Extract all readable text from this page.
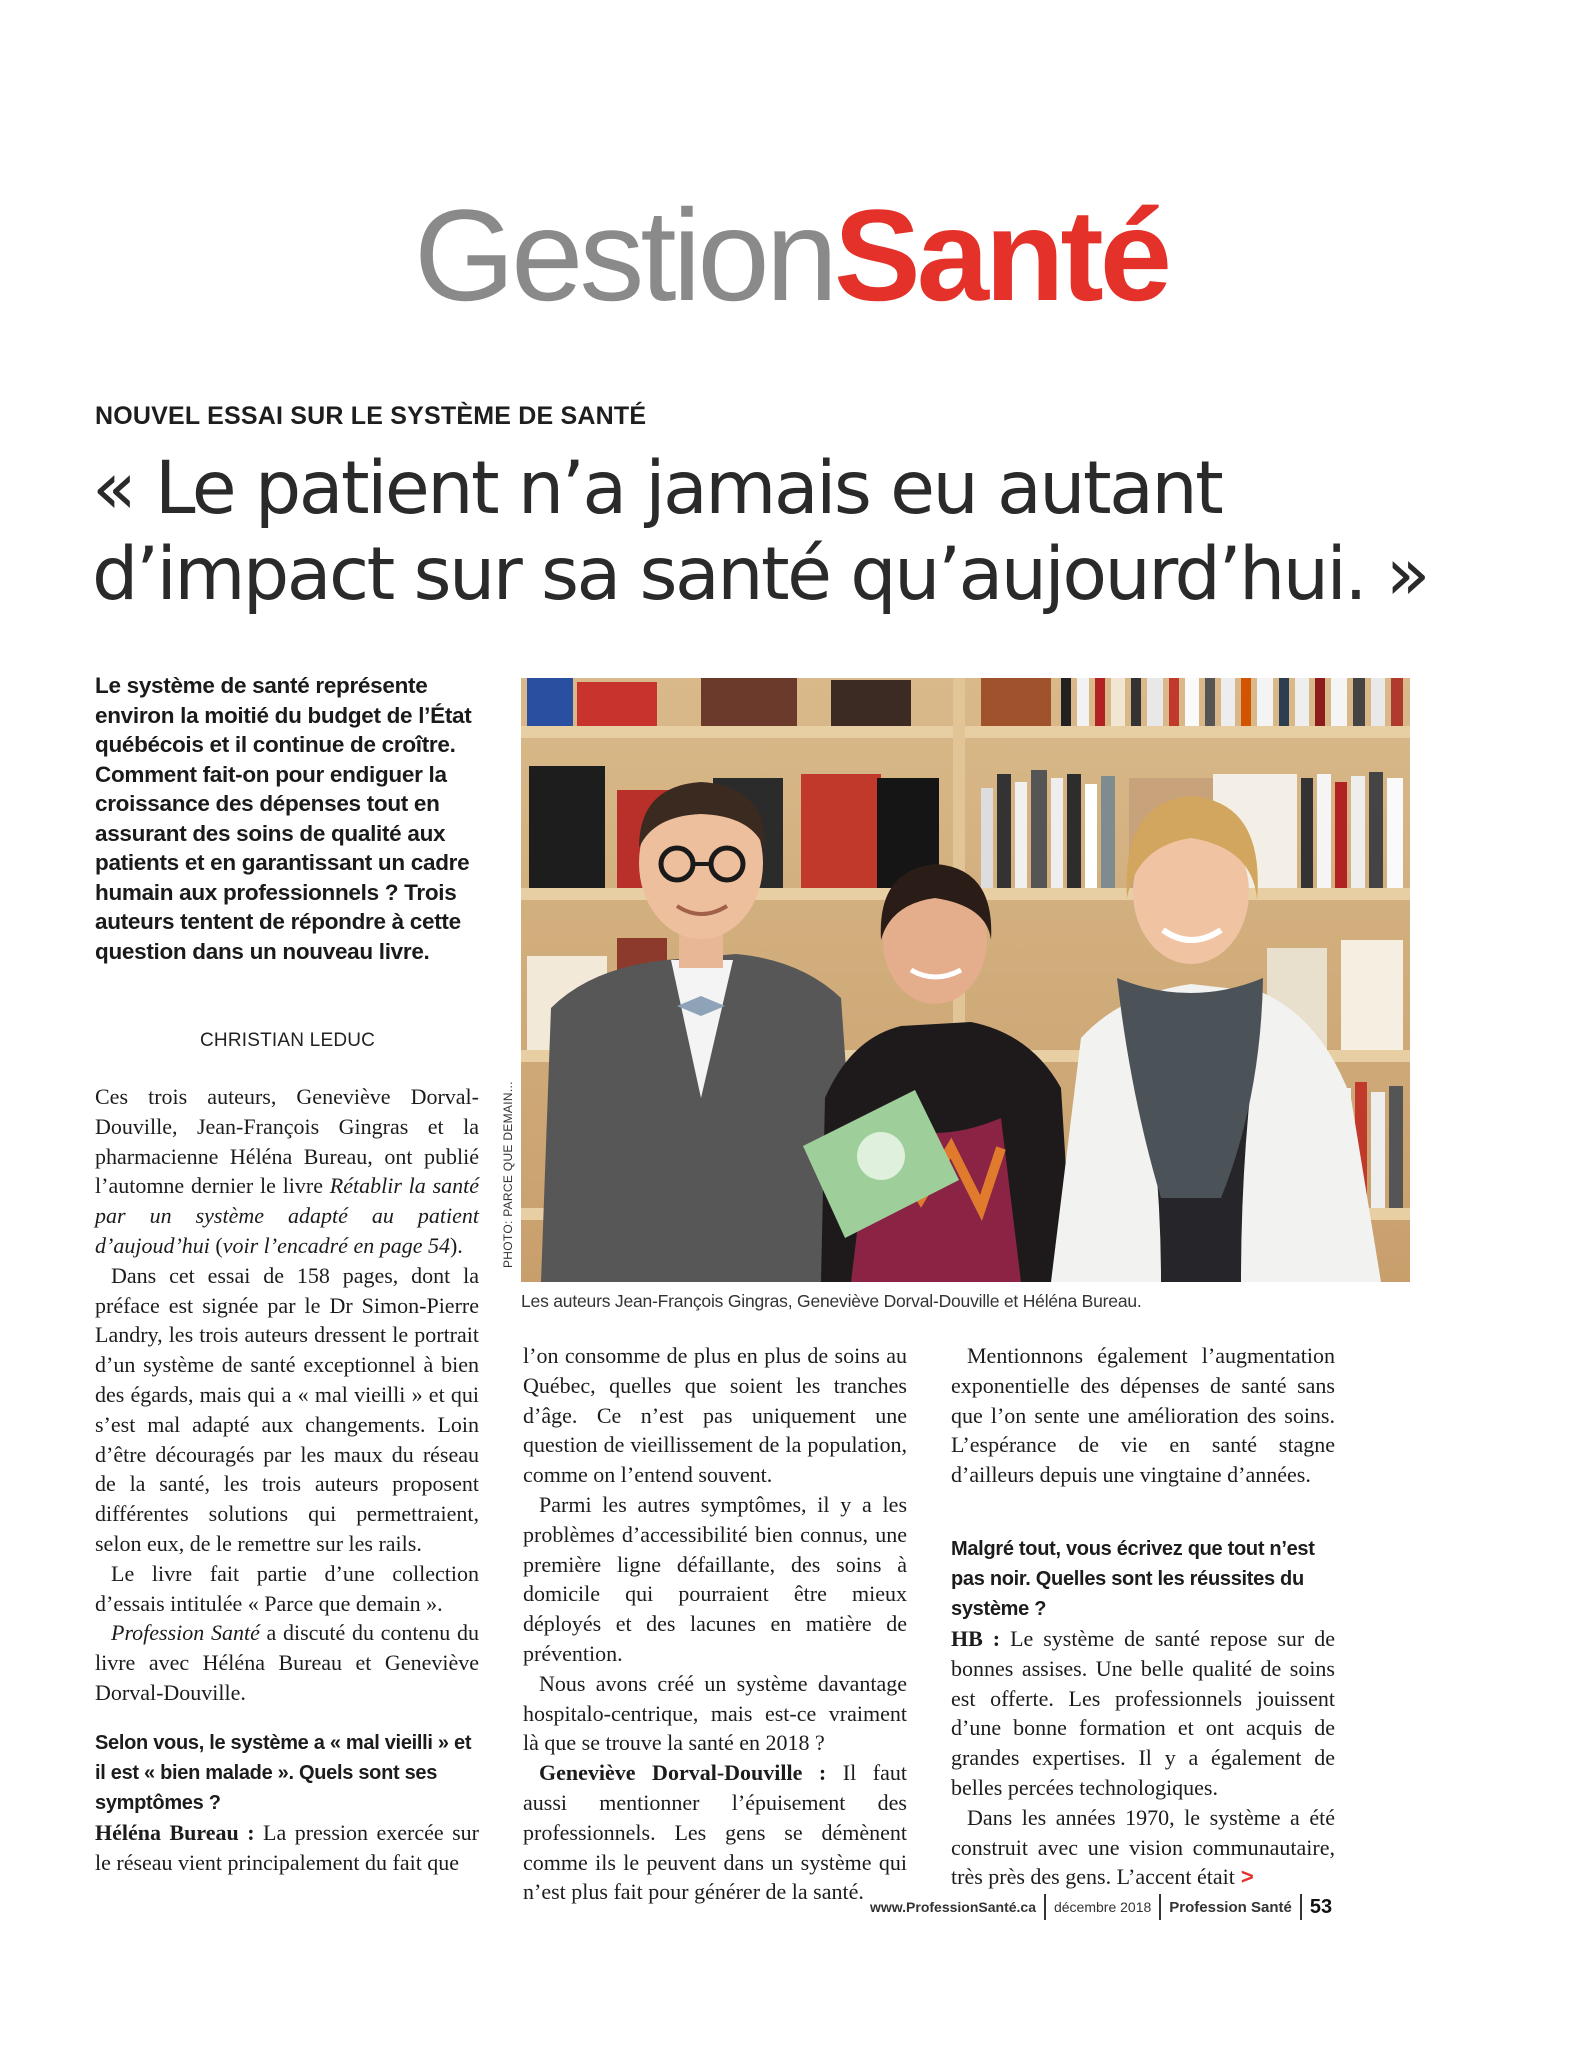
GestionSanté
NOUVEL ESSAI SUR LE SYSTÈME DE SANTÉ
« Le patient n’a jamais eu autant
d’impact sur sa santé qu’aujourd’hui. »

Le système de santé représente environ la moitié du budget de l’État québécois et il continue de croître. Comment fait-on pour endiguer la croissance des dépenses tout en assurant des soins de qualité aux patients et en garantissant un cadre humain aux professionnels ? Trois auteurs tentent de répondre à cette question dans un nouveau livre.

CHRISTIAN LEDUC
PHOTO: PARCE QUE DEMAIN...
Les auteurs Jean-François Gingras, Geneviève Dorval-Douville et Héléna Bureau.

Ces trois auteurs, Geneviève Dorval-Douville, Jean-François Gingras et la pharmacienne Héléna Bureau, ont publié l’automne dernier le livre Rétablir la santé par un système adapté au patient d’aujoud’hui (voir l’encadré en page 54).

Dans cet essai de 158 pages, dont la préface est signée par le Dr Simon-Pierre Landry, les trois auteurs dressent le portrait d’un système de santé exceptionnel à bien des égards, mais qui a « mal vieilli » et qui s’est mal adapté aux changements. Loin d’être découragés par les maux du réseau de la santé, les trois auteurs proposent différentes solutions qui permettraient, selon eux, de le remettre sur les rails.

Le livre fait partie d’une collection d’essais intitulée « Parce que demain ».

Profession Santé a discuté du contenu du livre avec Héléna Bureau et Geneviève Dorval-Douville.

Selon vous, le système a « mal vieilli » et il est « bien malade ». Quels sont ses symptômes ?

Héléna Bureau : La pression exercée sur le réseau vient principalement du fait que

l’on consomme de plus en plus de soins au Québec, quelles que soient les tranches d’âge. Ce n’est pas uniquement une question de vieillissement de la population, comme on l’entend souvent.

Parmi les autres symptômes, il y a les problèmes d’accessibilité bien connus, une première ligne défaillante, des soins à domicile qui pourraient être mieux déployés et des lacunes en matière de prévention.

Nous avons créé un système davantage hospitalo-centrique, mais est-ce vraiment là que se trouve la santé en 2018 ?

Geneviève Dorval-Douville : Il faut aussi mentionner l’épuisement des professionnels. Les gens se démènent comme ils le peuvent dans un système qui n’est plus fait pour générer de la santé.

Mentionnons également l’augmentation exponentielle des dépenses de santé sans que l’on sente une amélioration des soins. L’espérance de vie en santé stagne d’ailleurs depuis une vingtaine d’années.

Malgré tout, vous écrivez que tout n’est pas noir. Quelles sont les réussites du système ?

HB : Le système de santé repose sur de bonnes assises. Une belle qualité de soins est offerte. Les professionnels jouissent d’une bonne formation et ont acquis de grandes expertises. Il y a également de belles percées technologiques.

Dans les années 1970, le système a été construit avec une vision communautaire, très près des gens. L’accent était >

www.ProfessionSanté.ca décembre 2018 Profession Santé 53
